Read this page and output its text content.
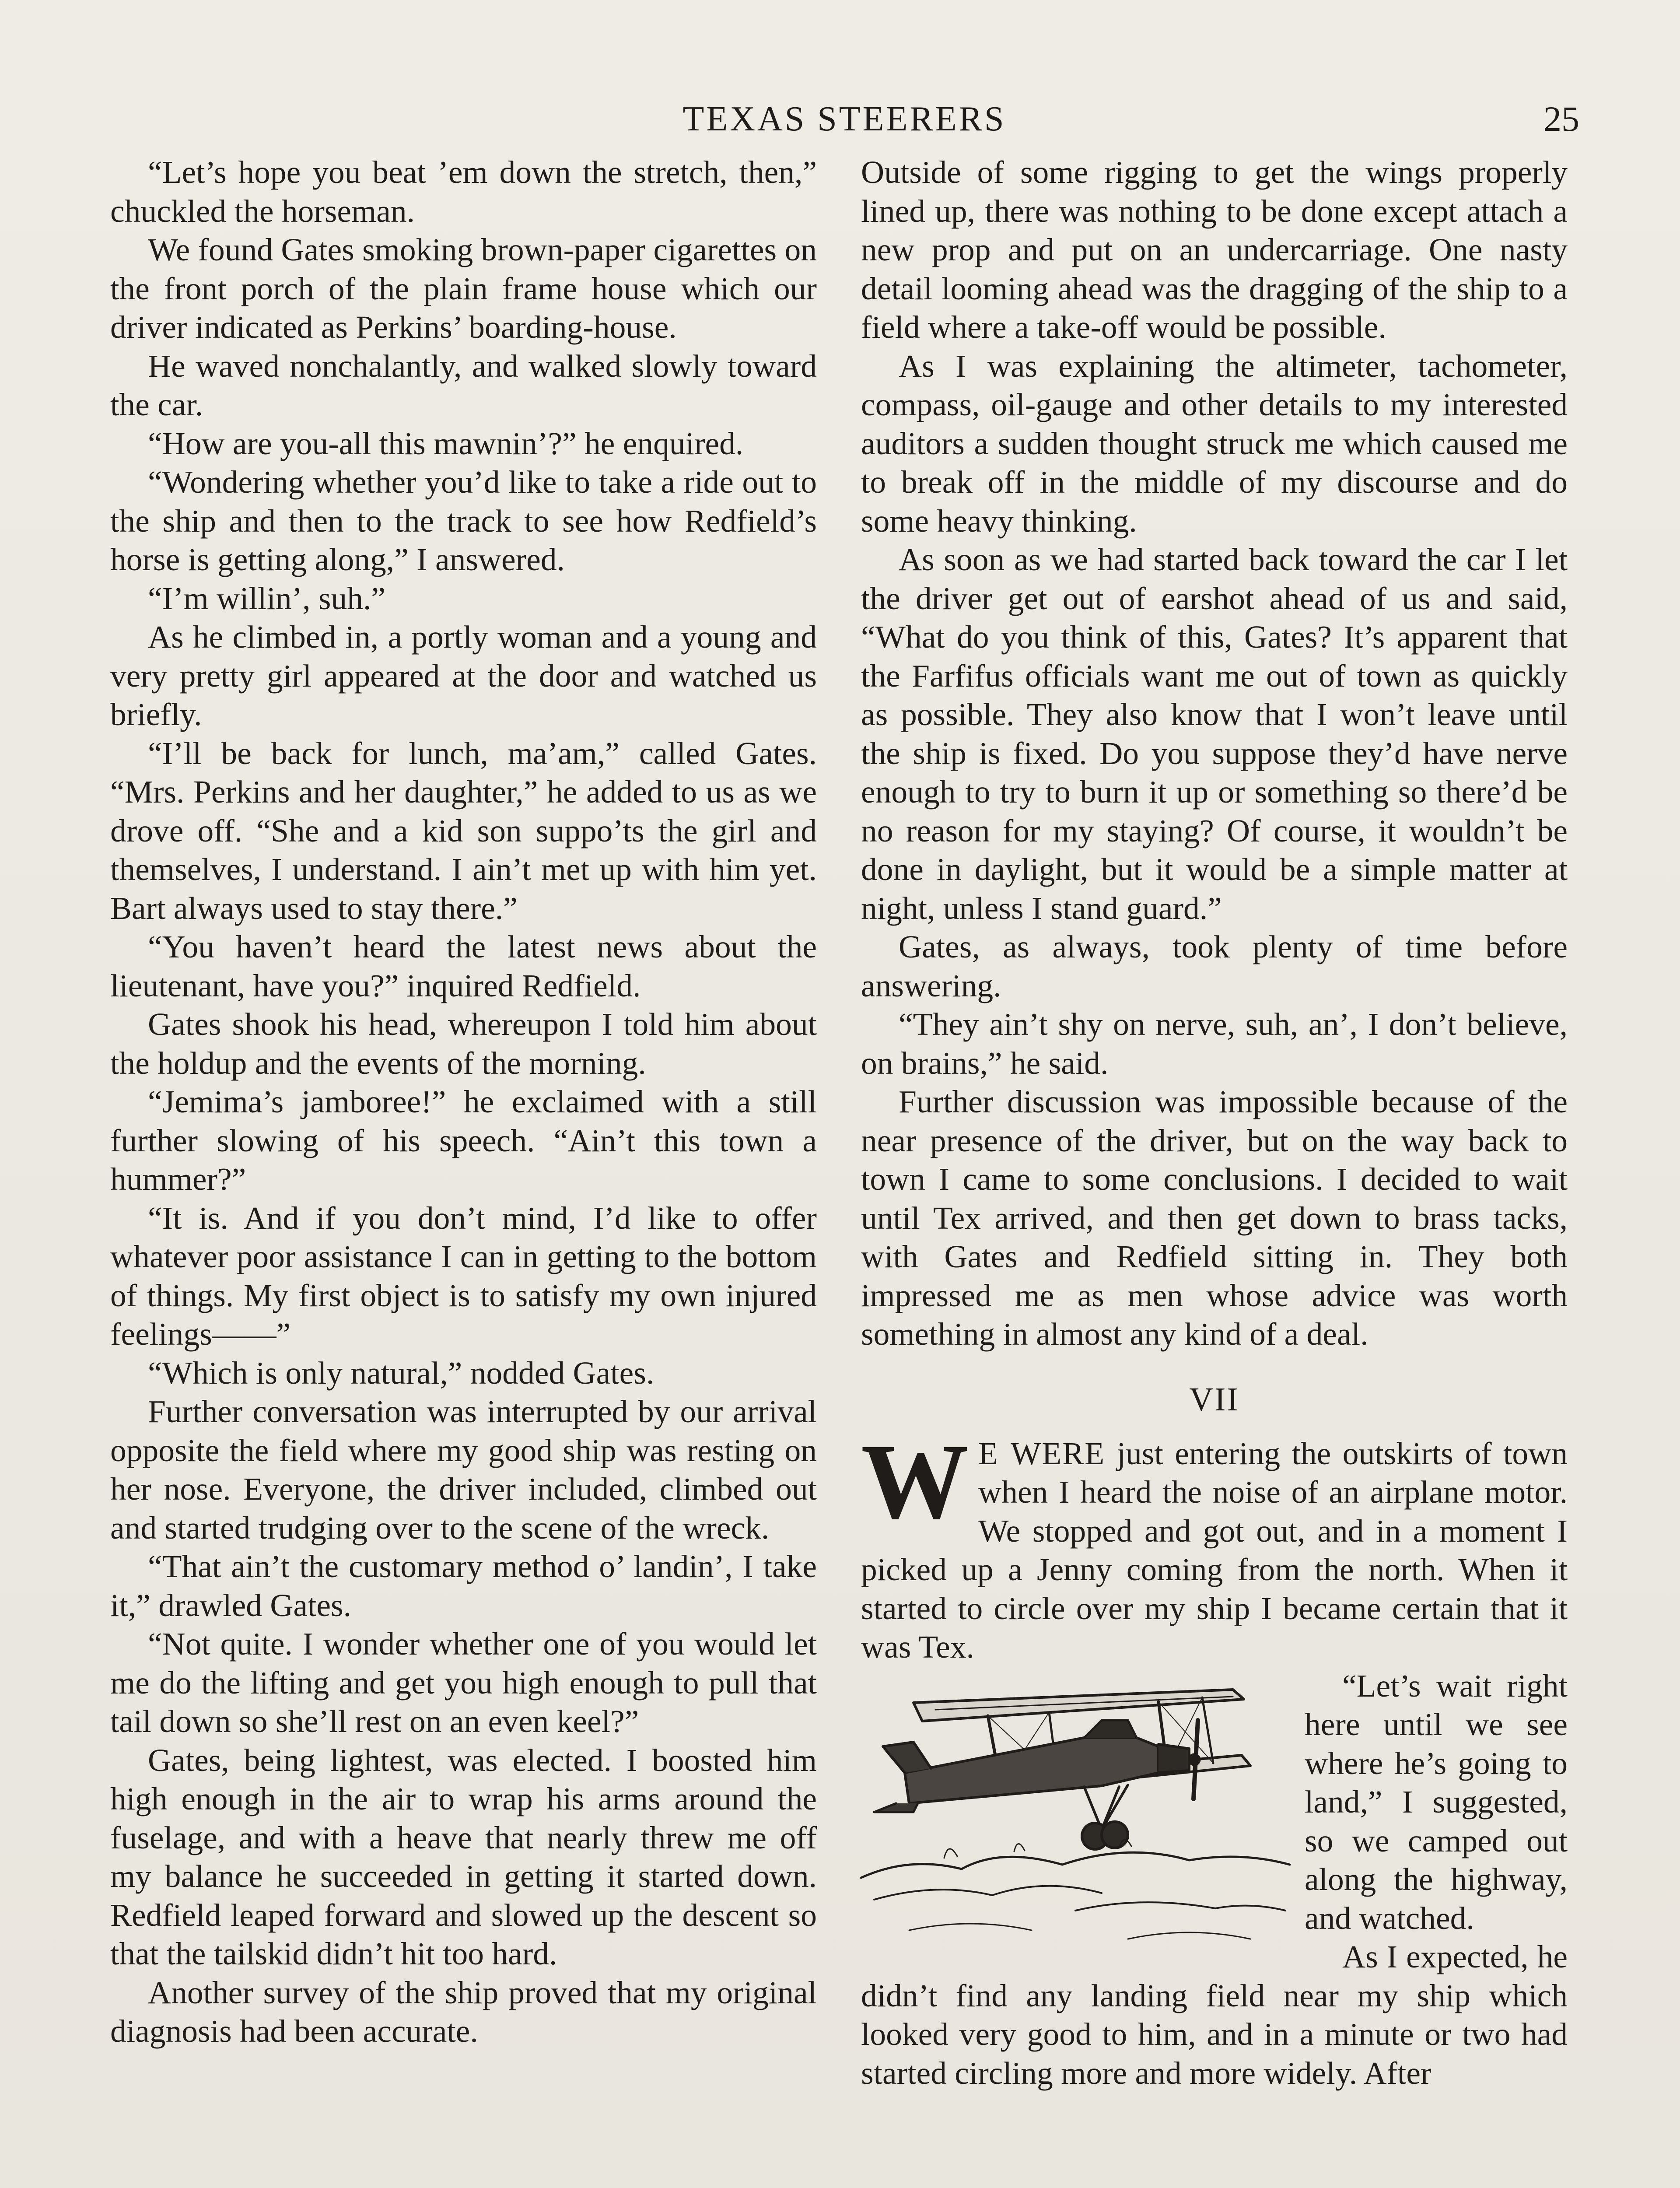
TEXAS STEERERS	25

“Let’s hope you beat ’em down the stretch, then,” chuckled the horseman.

We found Gates smoking brown-paper cigarettes on the front porch of the plain frame house which our driver indicated as Perkins’ boarding-house.

He waved nonchalantly, and walked slowly toward the car.

“How are you-all this mawnin’?” he enquired.

“Wondering whether you’d like to take a ride out to the ship and then to the track to see how Redfield’s horse is getting along,” I answered.

“I’m willin’, suh.”

As he climbed in, a portly woman and a young and very pretty girl appeared at the door and watched us briefly.

“I’ll be back for lunch, ma’am,” called Gates. “Mrs. Perkins and her daughter,” he added to us as we drove off. “She and a kid son suppo’ts the girl and themselves, I understand. I ain’t met up with him yet. Bart always used to stay there.”

“You haven’t heard the latest news about the lieutenant, have you?” inquired Redfield.

Gates shook his head, whereupon I told him about the holdup and the events of the morning.

“Jemima’s jamboree!” he exclaimed with a still further slowing of his speech. “Ain’t this town a hummer?”

“It is. And if you don’t mind, I’d like to offer whatever poor assistance I can in getting to the bottom of things. My first object is to satisfy my own injured feelings——”

“Which is only natural,” nodded Gates.

Further conversation was interrupted by our arrival opposite the field where my good ship was resting on her nose. Everyone, the driver included, climbed out and started trudging over to the scene of the wreck.

“That ain’t the customary method o’ landin’, I take it,” drawled Gates.

“Not quite. I wonder whether one of you would let me do the lifting and get you high enough to pull that tail down so she’ll rest on an even keel?”

Gates, being lightest, was elected. I boosted him high enough in the air to wrap his arms around the fuselage, and with a heave that nearly threw me off my balance he succeeded in getting it started down. Redfield leaped forward and slowed up the descent so that the tailskid didn’t hit too hard.

Another survey of the ship proved that my original diagnosis had been accurate.

Outside of some rigging to get the wings properly lined up, there was nothing to be done except attach a new prop and put on an undercarriage. One nasty detail looming ahead was the dragging of the ship to a field where a take-off would be possible.

As I was explaining the altimeter, tachometer, compass, oil-gauge and other details to my interested auditors a sudden thought struck me which caused me to break off in the middle of my discourse and do some heavy thinking.

As soon as we had started back toward the car I let the driver get out of earshot ahead of us and said, “What do you think of this, Gates? It’s apparent that the Farfifus officials want me out of town as quickly as possible. They also know that I won’t leave until the ship is fixed. Do you suppose they’d have nerve enough to try to burn it up or something so there’d be no reason for my staying? Of course, it wouldn’t be done in daylight, but it would be a simple matter at night, unless I stand guard.”

Gates, as always, took plenty of time before answering.

“They ain’t shy on nerve, suh, an’, I don’t believe, on brains,” he said.

Further discussion was impossible because of the near presence of the driver, but on the way back to town I came to some conclusions. I decided to wait until Tex arrived, and then get down to brass tacks, with Gates and Redfield sitting in. They both impressed me as men whose advice was worth something in almost any kind of a deal.

VII

W E WERE just entering the outskirts of town when I heard the noise of an airplane motor. We stopped and got out, and in a moment I picked up a Jenny coming from the north. When it started to circle over my ship I became certain that it was Tex.

“Let’s wait right here until we see where he’s going to land,” I suggested, so we camped out along the highway, and watched.

As I expected, he didn’t find any landing field near my ship which looked very good to him, and in a minute or two had started circling more and more widely. After
